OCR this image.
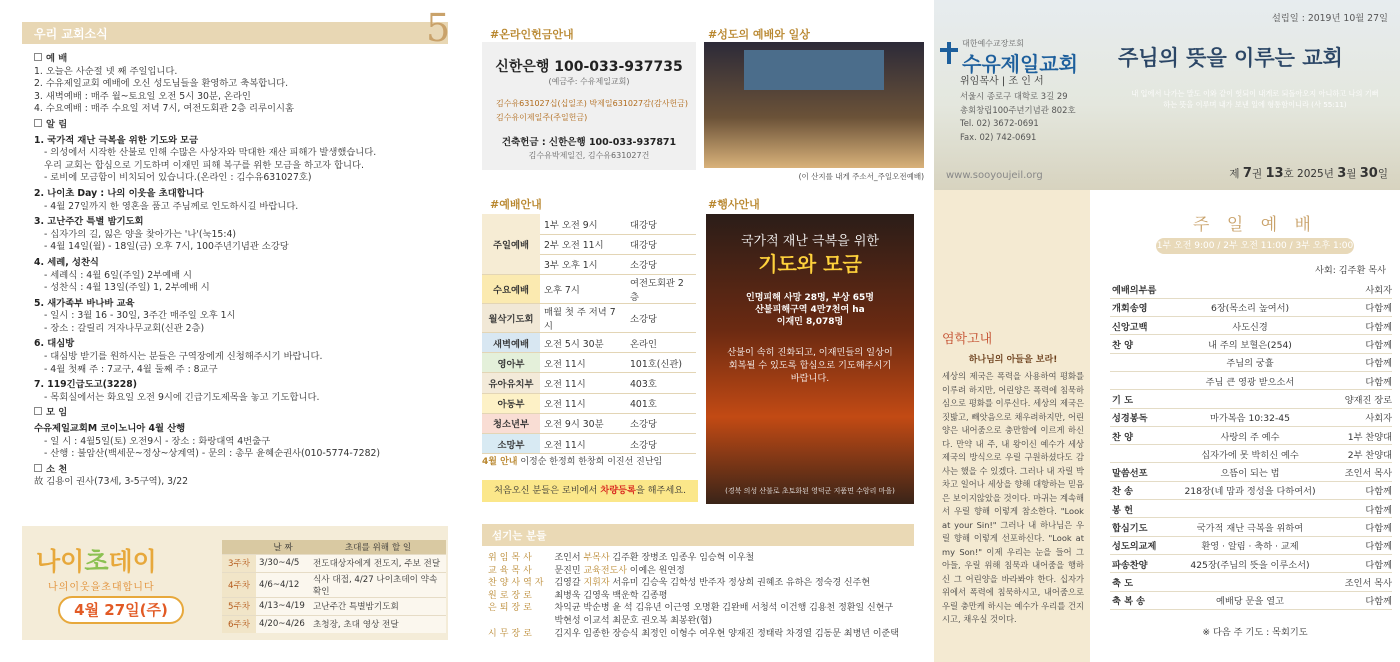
우리 교회소식	5
예 배
1. 오늘은 사순절 넷 째 주일입니다.
2. 수유제일교회 예배에 오신 성도님들을 환영하고 축복합니다.
3. 새벽예배 : 매주 월~토요일 오전 5시 30분, 온라인
4. 수요예배 : 매주 수요일 저녁 7시, 여전도회관 2층 리루이시홈
알 림
1. 국가적 재난 극복을 위한 기도와 모금
- 의성에서 시작한 산불로 인해 수많은 사상자와 막대한 재산 피해가 발생했습니다.
우리 교회는 합심으로 기도하며 이재민 피해 복구를 위한 모금을 하고자 합니다.
- 로비에 모금함이 비치되어 있습니다.(온라인 : 김수유631027호)
2. 나이초 Day : 나의 이웃을 초대합니다
- 4월 27일까지 한 영혼을 품고 주님께로 인도하시길 바랍니다.
3. 고난주간 특별 밤기도회
- 십자가의 길, 잃은 양을 찾아가는 '나'(눅15:4)
- 4월 14일(월) - 18일(금) 오후 7시, 100주년기념관 소강당
4. 세례, 성찬식
- 세례식 : 4월 6일(주일) 2부예배 시
- 성찬식 : 4월 13일(주일) 1, 2부예배 시
5. 새가족부 바나바 교육
- 일시 : 3월 16 - 30일, 3주간 매주일 오후 1시
- 장소 : 갈릴리 겨자나무교회(신관 2층)
6. 대심방
- 대심방 받기를 원하시는 분들은 구역장에게 신청해주시기 바랍니다.
- 4월 첫째 주 : 7교구, 4월 둘째 주 : 8교구
7. 119긴급도고(3228)
- 목회실에서는 화요일 오전 9시에 긴급기도제목을 놓고 기도합니다.
모 임
수유제일교회M 코이노니아 4월 산행
- 일 시 : 4월5일(토) 오전9시 - 장소 : 화랑대역 4번출구
- 산행 : 불암산(백세문~정상~상계역) - 문의 : 총무 윤혜순권사(010-5774-7282)
소 천
故 김용이 권사(73세, 3-5구역), 3/22
나이초데이
나의이웃을초대합니다
4월 27일(주)
	날 짜	초대를 위해 할 일
3주차	3/30~4/5	전도대상자에게 전도지, 주보 전달
4주차	4/6~4/12	식사 대접, 4/27 나이초데이 약속 확인
5주차	4/13~4/19	고난주간 특별밤기도회
6주차	4/20~4/26	초청장, 초대 영상 전달
#온라인헌금안내	#성도의 예배와 일상
신한은행 100-033-937735
(예금주: 수유제일교회)
김수유631027십(십일조) 박제일631027감(감사헌금)
김수유이제일주(주일헌금)
건축헌금 : 신한은행 100-033-937871
김수유박제일건, 김수유631027건
(이 산지를 내게 주소서_주일오전예배)
#예배안내	#행사안내
주일예배	1부 오전 9시	대강당
	2부 오전 11시	대강당
	3부 오후 1시	소강당
수요예배	오후 7시	여전도회관 2층
월삭기도회	매월 첫 주 저녁 7시	소강당
새벽예배	오전 5시 30분	온라인
영아부	오전 11시	101호(신관)
유아유치부	오전 11시	403호
아동부	오전 11시	401호
청소년부	오전 9시 30분	소강당
소망부	오전 11시	소강당
국가적 재난 극복을 위한
기도와 모금
인명피해 사망 28명, 부상 65명
산불피해구역 4만7천여 ha
이재민 8,078명
산불이 속히 진화되고, 이재민들의 일상이 회복될 수 있도록 합심으로 기도해주시기 바랍니다.
(경북 의성 산불로 초토화된 영덕군 지품면 수암리 마을)
4월 안내 이정순 한정희 한창희 이진선 진난임
처음오신 분들은 로비에서 차량등록을 해주세요.
섬기는 분들
위임목사	조인서 부목사 김주환 장병조 임종우 임승혁 이우철
교육목사	문진민 교육전도사 이예은 원연정
찬양사역자	김영갈 지휘자 서유미 김승욱 김학성 반주자 정상희 권혜조 유하은 정숙경 신주현
원로장로	최병욱 김영욱 백운학 김종평
은퇴장로	차익균 박순병 윤 석 김유년 이근영 오명환 김완배 서청석 이건행 김용천 정환일 신현구
박현성 이교석 최문호 권오복 최봉완(협)
시무장로	김지우 임종한 장승식 최정인 이형수 여우현 양재진 정태락 차경열 김동문 최병년 이준택
설립일 : 2019년 10월 27일
대한예수교장로회
수유제일교회
위임목사 | 조 인 서
서울시 종로구 대학로 3길 29
총회창립100주년기념관 802호
Tel. 02) 3672-0691
Fax. 02) 742-0691
주님의 뜻을 이루는 교회
내 입에서 나가는 말도 이와 같이 헛되이 내게로 되돌아오지 아니하고 나의 기뻐하는 뜻을 이루며 내가 보낸 일에 형통함이니라 (사 55:11)
www.sooyoujeil.org	제 7권 13호 2025년 3월 30일
염학고내
하나님의 아들을 보라!
세상의 제국은 폭력을 사용하여 평화를 이루려 하지만, 어린양은 폭력에 침묵하심으로 평화를 이루신다. 세상의 제국은 짓밟고, 빼앗음으로 채우려하지만, 어린양은 내어줌으로 충만함에 이르게 하신다. 만약 내 주, 내 왕이신 예수가 세상 제국의 방식으로 우릴 구원하셨다도 감사는 했을 수 있겠다. 그러나 내 자릴 박차고 일어나 세상을 향해 대항하는 믿음은 보이지않았을 것이다. 마귀는 계속해서 우릴 향해 이렇게 참소한다. "Look at your Sin!" 그러나 내 하나님은 우릴 향해 이렇게 선포하신다. "Look at my Son!" 이제 우리는 눈을 들어 그 아들, 우릴 위해 침묵과 내어줌을 행하신 그 어린양을 바라봐야 한다. 십자가 위에서 폭력에 침묵하시고, 내어줌으로 우릴 충만케 하시는 예수가 우리를 건지시고, 채우실 것이다.
주 일 예 배
1부 오전 9:00 / 2부 오전 11:00 / 3부 오후 1:00
사회: 김주환 목사
예배의부름		사회자
개회송영	6장(목소리 높여서)	다함께
신앙고백	사도신경	다함께
찬 양	내 주의 보혈은(254)	다함께
	주님의 궁휼	다함께
	주님 큰 영광 받으소서	다함께
기 도		양재진 장로
성경봉독	마가복음 10:32-45	사회자
찬 양	사랑의 주 예수	1부 찬양대
	십자가에 못 박히신 예수	2부 찬양대
말씀선포	으뜸이 되는 법	조인서 목사
찬 송	218장(네 맘과 정성을 다하여서)	다함께
봉 헌		다함께
합심기도	국가적 재난 극복을 위하여	다함께
성도의교제	환영 · 알림 · 축하 · 교제	다함께
파송찬양	425장(주님의 뜻을 이루소서)	다함께
축 도		조인서 목사
축 복 송	예배당 문을 열고	다함께
※ 다음 주 기도 : 목회기도
